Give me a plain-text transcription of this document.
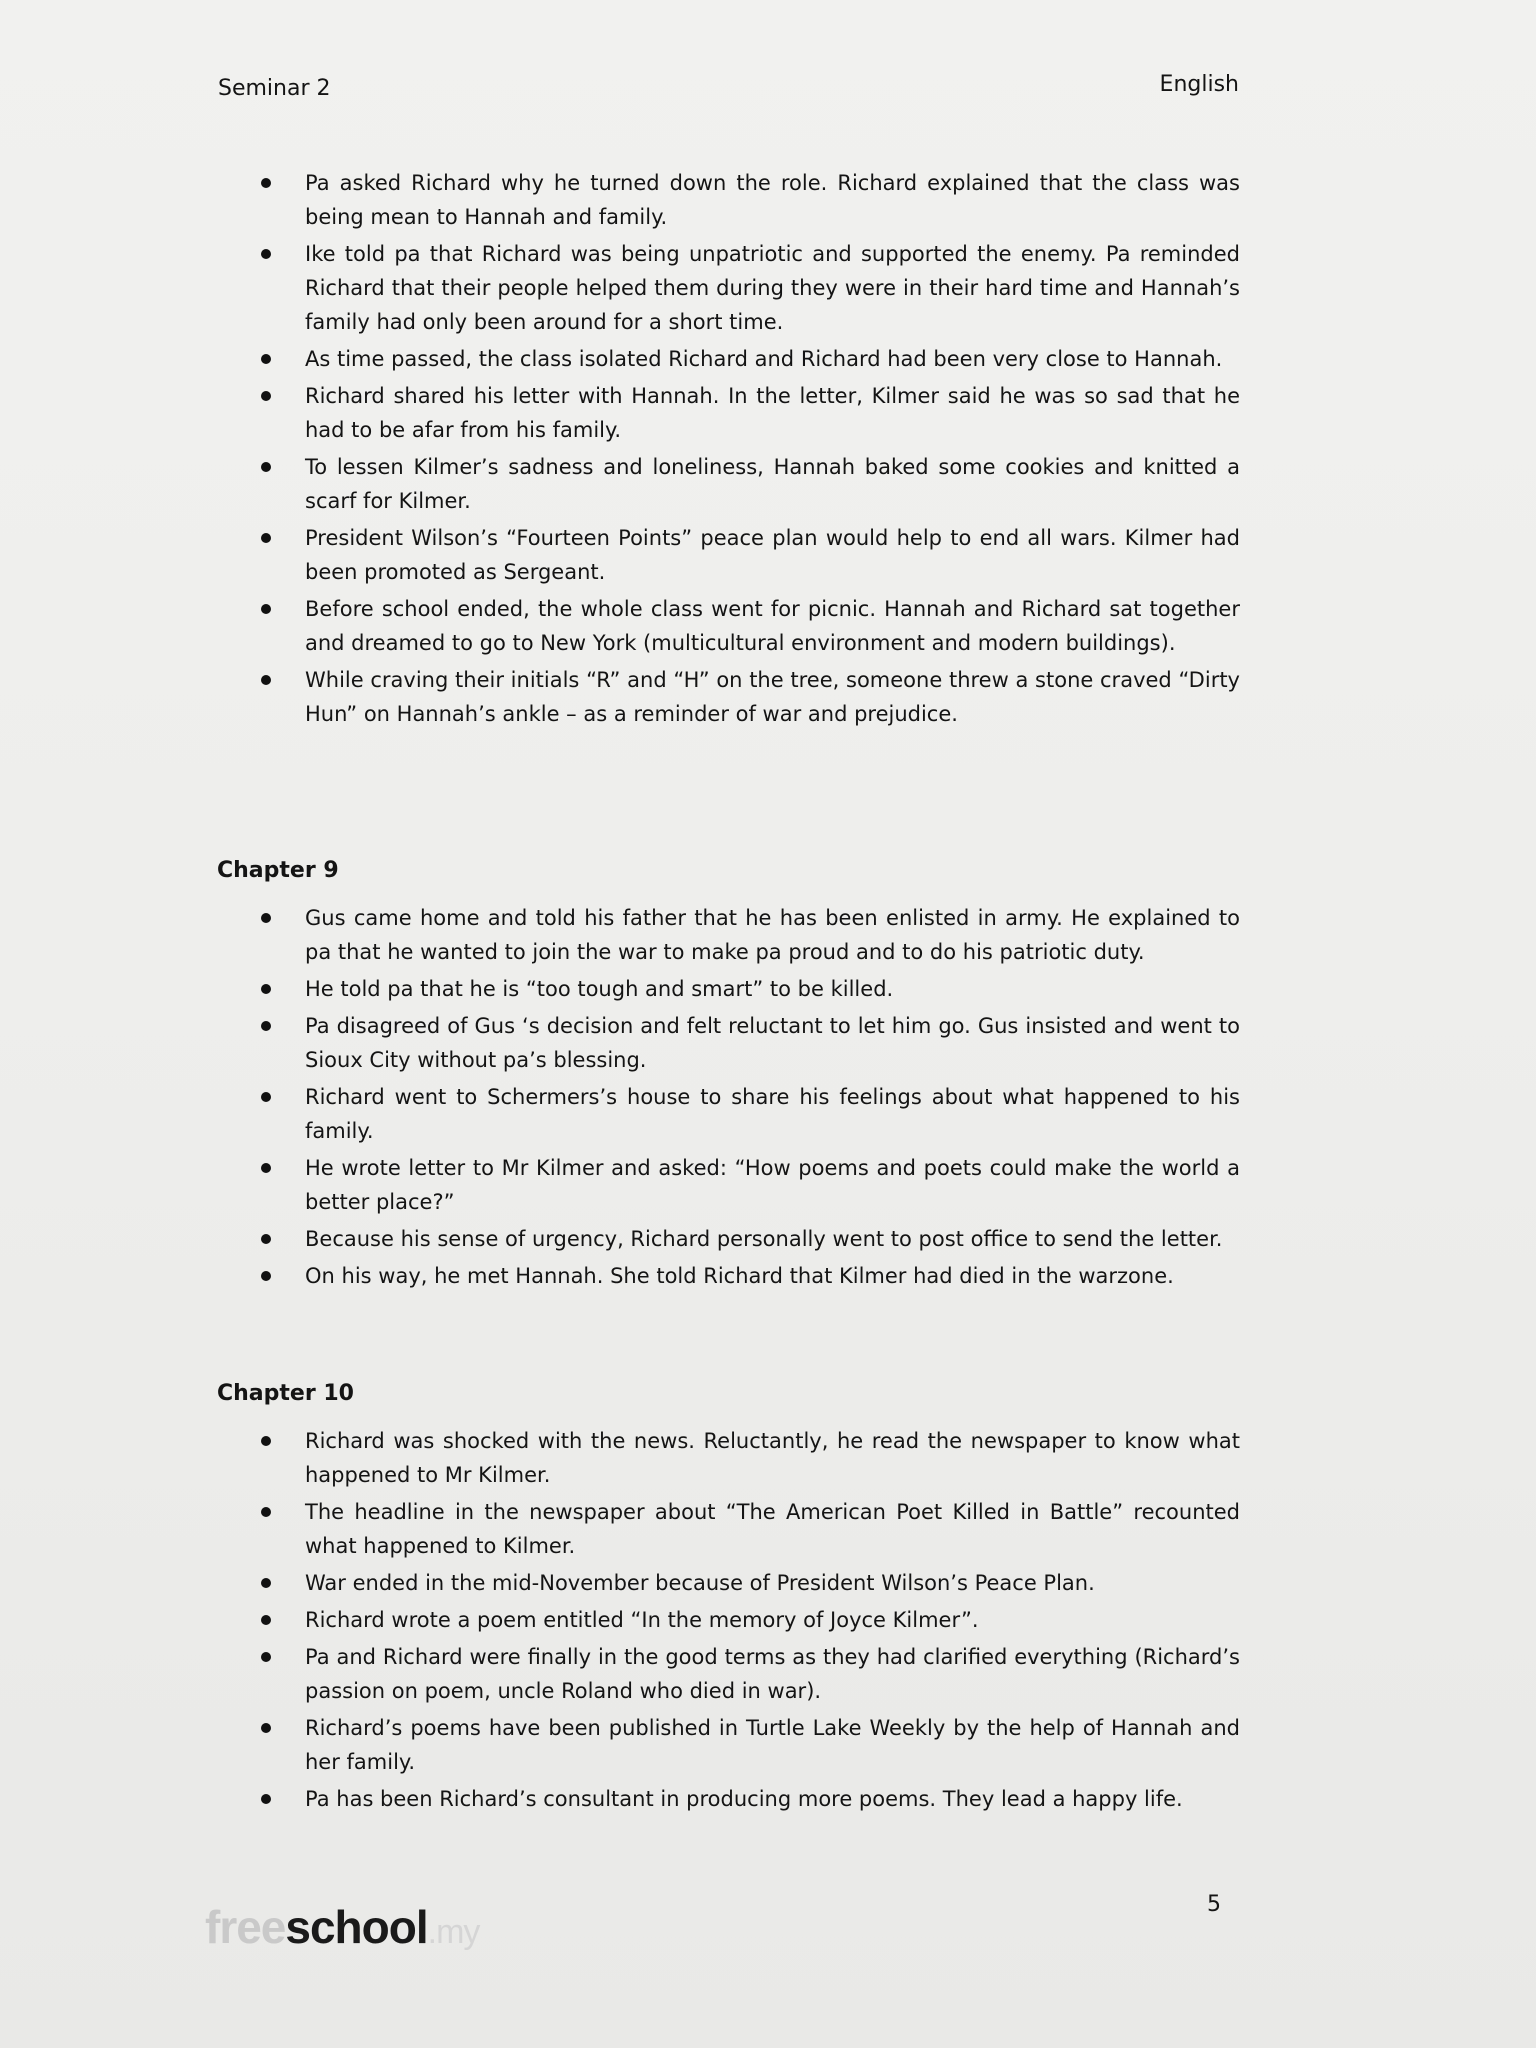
Seminar 2	English
Pa asked Richard why he turned down the role. Richard explained that the class was being mean to Hannah and family.
Ike told pa that Richard was being unpatriotic and supported the enemy. Pa reminded Richard that their people helped them during they were in their hard time and Hannah’s family had only been around for a short time.
As time passed, the class isolated Richard and Richard had been very close to Hannah.
Richard shared his letter with Hannah. In the letter, Kilmer said he was so sad that he had to be afar from his family.
To lessen Kilmer’s sadness and loneliness, Hannah baked some cookies and knitted a scarf for Kilmer.
President Wilson’s “Fourteen Points” peace plan would help to end all wars. Kilmer had been promoted as Sergeant.
Before school ended, the whole class went for picnic. Hannah and Richard sat together and dreamed to go to New York (multicultural environment and modern buildings).
While craving their initials “R” and “H” on the tree, someone threw a stone craved “Dirty Hun” on Hannah’s ankle – as a reminder of war and prejudice.
Chapter 9
Gus came home and told his father that he has been enlisted in army. He explained to pa that he wanted to join the war to make pa proud and to do his patriotic duty.
He told pa that he is “too tough and smart” to be killed.
Pa disagreed of Gus ‘s decision and felt reluctant to let him go. Gus insisted and went to Sioux City without pa’s blessing.
Richard went to Schermers’s house to share his feelings about what happened to his family.
He wrote letter to Mr Kilmer and asked: “How poems and poets could make the world a better place?”
Because his sense of urgency, Richard personally went to post office to send the letter.
On his way, he met Hannah. She told Richard that Kilmer had died in the warzone.
Chapter 10
Richard was shocked with the news. Reluctantly, he read the newspaper to know what happened to Mr Kilmer.
The headline in the newspaper about “The American Poet Killed in Battle” recounted what happened to Kilmer.
War ended in the mid-November because of President Wilson’s Peace Plan.
Richard wrote a poem entitled “In the memory of Joyce Kilmer”.
Pa and Richard were finally in the good terms as they had clarified everything (Richard’s passion on poem, uncle Roland who died in war).
Richard’s poems have been published in Turtle Lake Weekly by the help of Hannah and her family.
Pa has been Richard’s consultant in producing more poems. They lead a happy life.
freeschool.my
5
